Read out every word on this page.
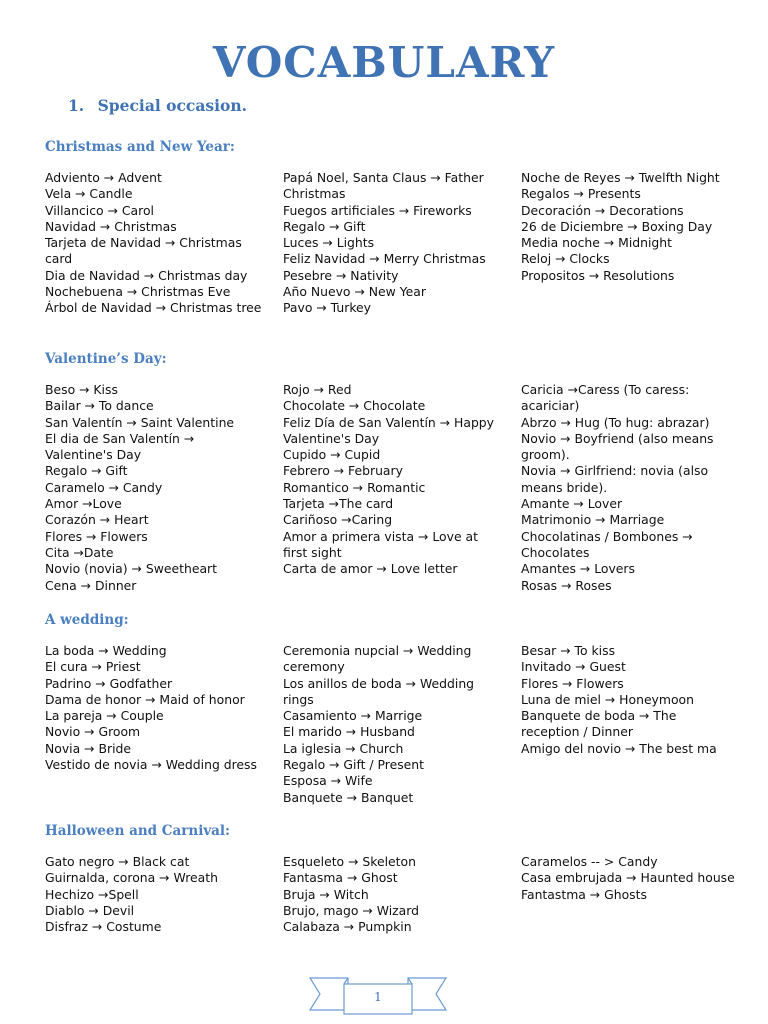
VOCABULARY
1. Special occasion.
Christmas and New Year:

Adviento → Advent

Vela → Candle

Villancico → Carol

Navidad → Christmas

Tarjeta de Navidad → Christmas card

Dia de Navidad → Christmas day

Nochebuena → Christmas Eve

Árbol de Navidad → Christmas tree

Papá Noel, Santa Claus → Father Christmas

Fuegos artificiales → Fireworks

Regalo → Gift

Luces → Lights

Feliz Navidad → Merry Christmas

Pesebre → Nativity

Año Nuevo → New Year

Pavo → Turkey

Noche de Reyes → Twelfth Night

Regalos → Presents

Decoración → Decorations

26 de Diciembre → Boxing Day

Media noche → Midnight

Reloj → Clocks

Propositos → Resolutions

Valentine’s Day:

Beso → Kiss

Bailar → To dance

San Valentín → Saint Valentine

El dia de San Valentín → Valentine's Day

Regalo → Gift

Caramelo → Candy

Amor →Love

Corazón → Heart

Flores → Flowers

Cita →Date

Novio (novia) → Sweetheart

Cena → Dinner

Rojo → Red

Chocolate → Chocolate

Feliz Día de San Valentín → Happy Valentine's Day

Cupido → Cupid

Febrero → February

Romantico → Romantic

Tarjeta →The card

Cariñoso →Caring

Amor a primera vista → Love at first sight

Carta de amor → Love letter

Caricia →Caress (To caress: acariciar)

Abrzo → Hug (To hug: abrazar)

Novio → Boyfriend (also means groom).

Novia → Girlfriend: novia (also means bride).

Amante → Lover

Matrimonio → Marriage

Chocolatinas / Bombones → Chocolates

Amantes → Lovers

Rosas → Roses

A wedding:

La boda → Wedding

El cura → Priest

Padrino → Godfather

Dama de honor → Maid of honor

La pareja → Couple

Novio → Groom

Novia → Bride

Vestido de novia → Wedding dress

Ceremonia nupcial → Wedding ceremony

Los anillos de boda → Wedding rings

Casamiento → Marrige

El marido → Husband

La iglesia → Church

Regalo → Gift / Present

Esposa → Wife

Banquete → Banquet

Besar → To kiss

Invitado → Guest

Flores → Flowers

Luna de miel → Honeymoon

Banquete de boda → The reception / Dinner

Amigo del novio → The best ma

Halloween and Carnival:

Gato negro → Black cat

Guirnalda, corona → Wreath

Hechizo →Spell

Diablo → Devil

Disfraz → Costume

Esqueleto → Skeleton

Fantasma → Ghost

Bruja → Witch

Brujo, mago → Wizard

Calabaza → Pumpkin

Caramelos -- > Candy

Casa embrujada → Haunted house

Fantastma → Ghosts

1
